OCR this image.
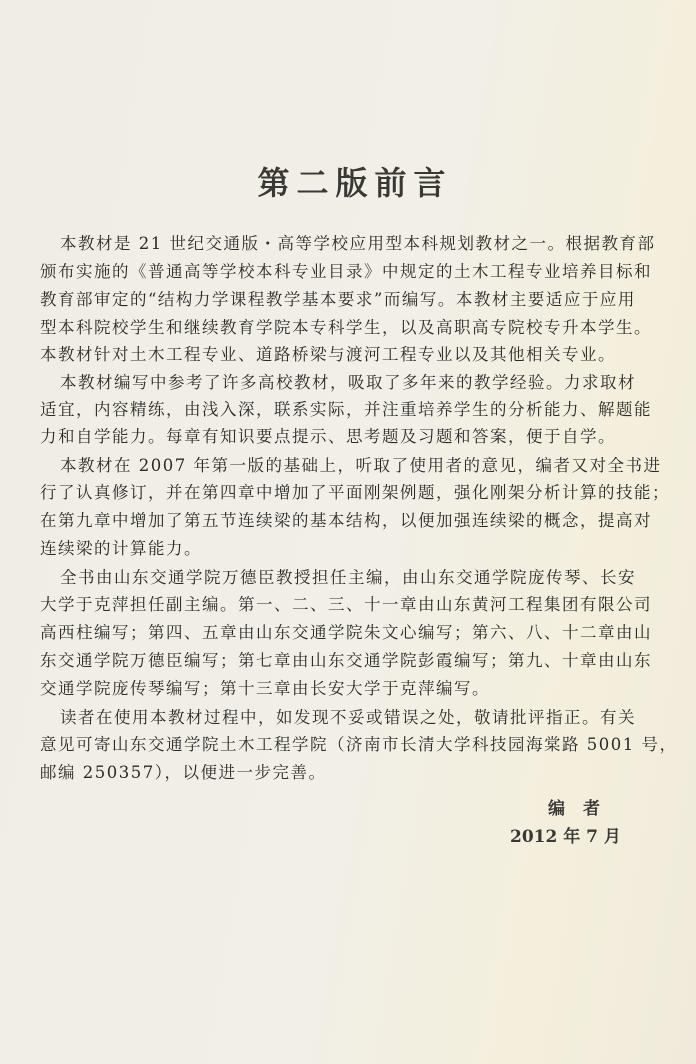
第二版前言
本教材是 21 世纪交通版・高等学校应用型本科规划教材之一。根据教育部
颁布实施的《普通高等学校本科专业目录》中规定的土木工程专业培养目标和
教育部审定的“结构力学课程教学基本要求”而编写。本教材主要适应于应用
型本科院校学生和继续教育学院本专科学生，以及高职高专院校专升本学生。
本教材针对土木工程专业、道路桥梁与渡河工程专业以及其他相关专业。
本教材编写中参考了许多高校教材，吸取了多年来的教学经验。力求取材
适宜，内容精练，由浅入深，联系实际，并注重培养学生的分析能力、解题能
力和自学能力。每章有知识要点提示、思考题及习题和答案，便于自学。
本教材在 2007 年第一版的基础上，听取了使用者的意见，编者又对全书进
行了认真修订，并在第四章中增加了平面刚架例题，强化刚架分析计算的技能；
在第九章中增加了第五节连续梁的基本结构，以便加强连续梁的概念，提高对
连续梁的计算能力。
全书由山东交通学院万德臣教授担任主编，由山东交通学院庞传琴、长安
大学于克萍担任副主编。第一、二、三、十一章由山东黄河工程集团有限公司
高西柱编写；第四、五章由山东交通学院朱文心编写；第六、八、十二章由山
东交通学院万德臣编写；第七章由山东交通学院彭霞编写；第九、十章由山东
交通学院庞传琴编写；第十三章由长安大学于克萍编写。
读者在使用本教材过程中，如发现不妥或错误之处，敬请批评指正。有关
意见可寄山东交通学院土木工程学院（济南市长清大学科技园海棠路 5001 号，
邮编 250357），以便进一步完善。
编者
2012 年 7 月
